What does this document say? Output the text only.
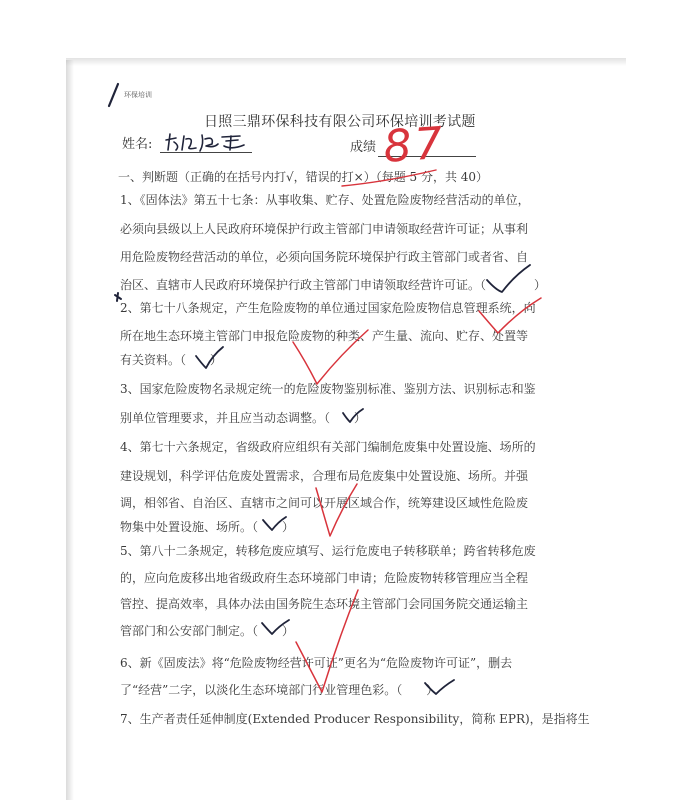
环保培训
日照三鼎环保科技有限公司环保培训考试题
姓名:	成绩 87
一、判断题（正确的在括号内打√，错误的打×）（每题 5 分，共 40）
1、《固体法》第五十七条：从事收集、贮存、处置危险废物经营活动的单位，
必须向县级以上人民政府环境保护行政主管部门申请领取经营许可证；从事利
用危险废物经营活动的单位，必须向国务院环境保护行政主管部门或者省、自
治区、直辖市人民政府环境保护行政主管部门申请领取经营许可证。（　　　　）
2、第七十八条规定，产生危险废物的单位通过国家危险废物信息管理系统，向
所在地生态环境主管部门申报危险废物的种类、产生量、流向、贮存、处置等
有关资料。（　　）
3、国家危险废物名录规定统一的危险废物鉴别标准、鉴别方法、识别标志和鉴
别单位管理要求，并且应当动态调整。（　　）
4、第七十六条规定，省级政府应组织有关部门编制危废集中处置设施、场所的
建设规划，科学评估危废处置需求，合理布局危废集中处置设施、场所。并强
调，相邻省、自治区、直辖市之间可以开展区域合作，统筹建设区域性危险废
物集中处置设施、场所。（　　）
5、第八十二条规定，转移危废应填写、运行危废电子转移联单；跨省转移危废
的，应向危废移出地省级政府生态环境部门申请；危险废物转移管理应当全程
管控、提高效率，具体办法由国务院生态环境主管部门会同国务院交通运输主
管部门和公安部门制定。（　　）
6、新《固废法》将“危险废物经营许可证”更名为“危险废物许可证”，删去
了“经营”二字，以淡化生态环境部门行业管理色彩。（　　）
7、生产者责任延伸制度(Extended Producer Responsibility，简称 EPR)，是指将生
